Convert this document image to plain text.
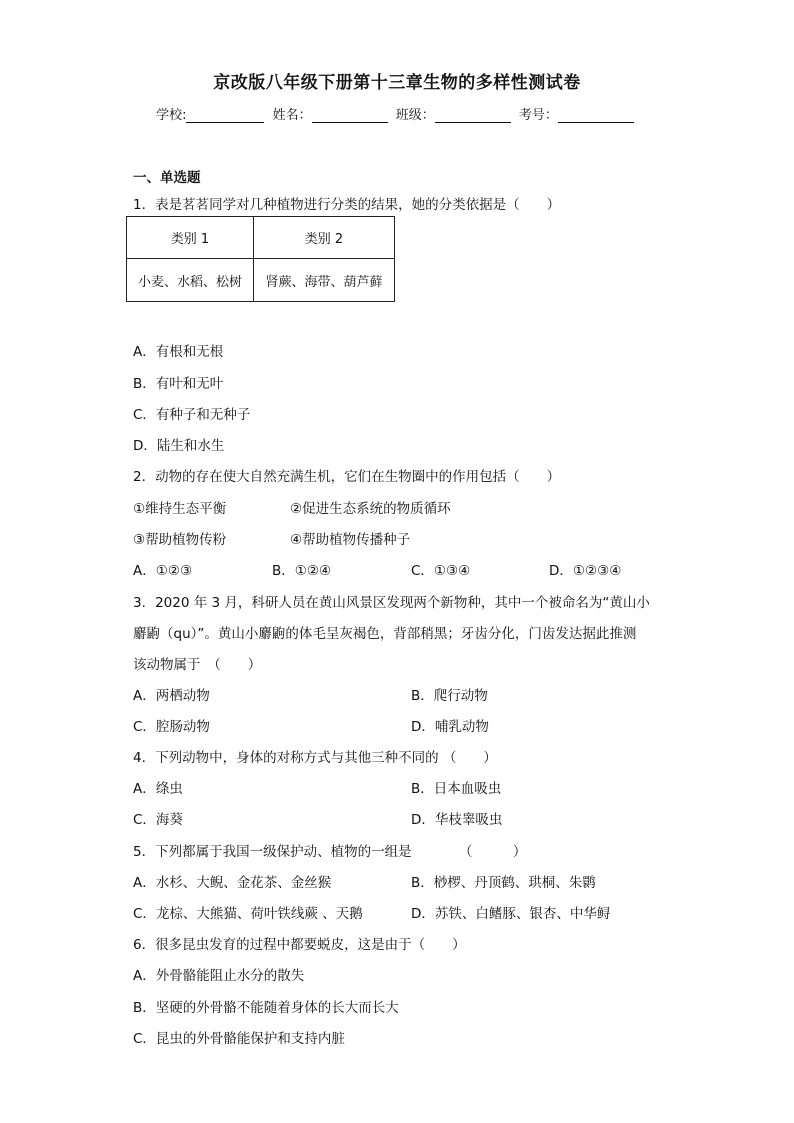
京改版八年级下册第十三章生物的多样性测试卷
学校:	姓名：	班级：	考号：
一、单选题
1．表是茗茗同学对几种植物进行分类的结果，她的分类依据是（　　）
类别 1	类别 2
小麦、水稻、松树	肾蕨、海带、葫芦藓
A．有根和无根
B．有叶和无叶
C．有种子和无种子
D．陆生和水生
2．动物的存在使大自然充满生机，它们在生物圈中的作用包括（　　）
①维持生态平衡	②促进生态系统的物质循环
③帮助植物传粉	④帮助植物传播种子
A．①②③	B．①②④	C．①③④	D．①②③④
3．2020 年 3 月，科研人员在黄山风景区发现两个新物种，其中一个被命名为“黄山小
麝鼩（qu）”。黄山小麝鼩的体毛呈灰褐色，背部稍黑；牙齿分化，门齿发达据此推测
该动物属于　（　　）
A．两栖动物	B．爬行动物
C．腔肠动物	D．哺乳动物
4．下列动物中，身体的对称方式与其他三种不同的 （　　）
A．绦虫	B．日本血吸虫
C．海葵	D．华枝睾吸虫
5．下列都属于我国一级保护动、植物的一组是　　　　（　　　）
A．水杉、大鲵、金花茶、金丝猴	B．桫椤、丹顶鹤、珙桐、朱鹮
C．龙棕、大熊猫、荷叶铁线蕨 、天鹅	D．苏铁、白鳍豚、银杏、中华鲟
6．很多昆虫发育的过程中都要蜕皮，这是由于（　　）
A．外骨骼能阻止水分的散失
B．坚硬的外骨骼不能随着身体的长大而长大
C．昆虫的外骨骼能保护和支持内脏
